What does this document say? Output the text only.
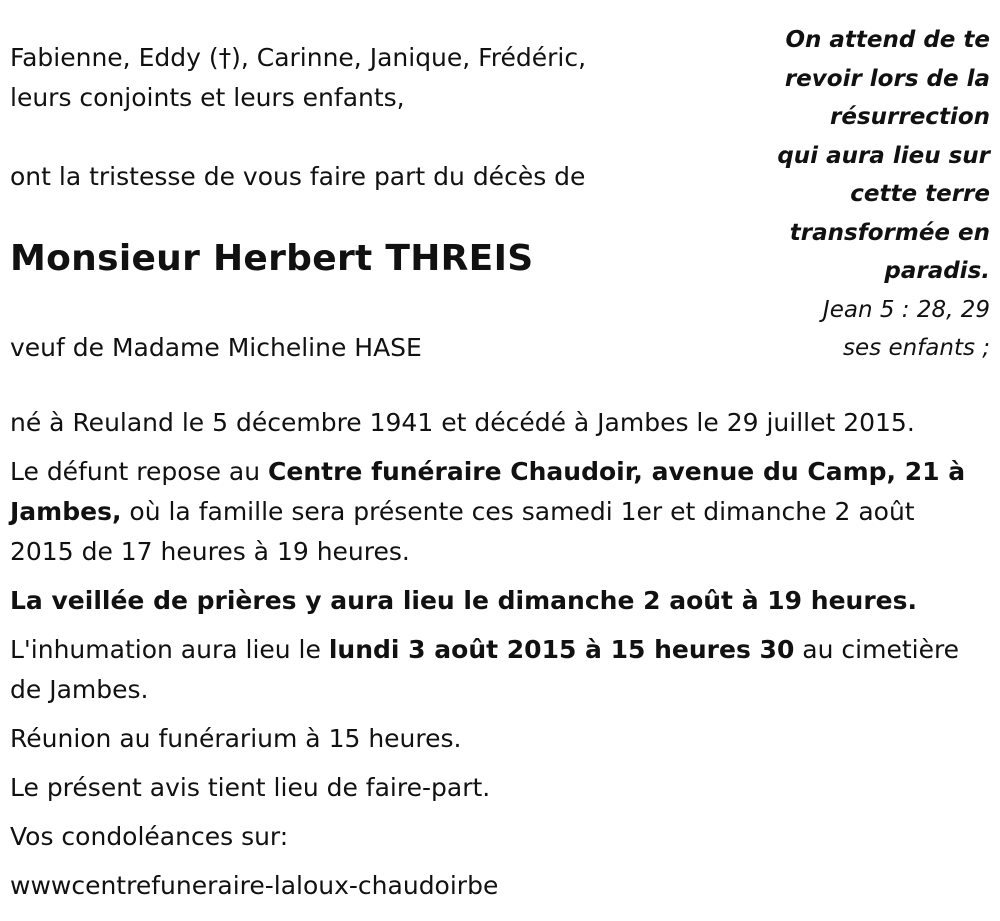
Fabienne, Eddy (†), Carinne, Janique, Frédéric,
leurs conjoints et leurs enfants,

ont la tristesse de vous faire part du décès de

Monsieur Herbert THREIS

veuf de Madame Micheline HASE

On attend de te
revoir lors de la
résurrection
qui aura lieu sur
cette terre
transformée en
paradis.
Jean 5 : 28, 29
ses enfants ;

né à Reuland le 5 décembre 1941 et décédé à Jambes le 29 juillet 2015.

Le défunt repose au Centre funéraire Chaudoir, avenue du Camp, 21 à Jambes, où la famille sera présente ces samedi 1er et dimanche 2 août 2015 de 17 heures à 19 heures.

La veillée de prières y aura lieu le dimanche 2 août à 19 heures.

L'inhumation aura lieu le lundi 3 août 2015 à 15 heures 30 au cimetière de Jambes.

Réunion au funérarium à 15 heures.

Le présent avis tient lieu de faire-part.

Vos condoléances sur:

wwwcentrefuneraire-laloux-chaudoirbe
